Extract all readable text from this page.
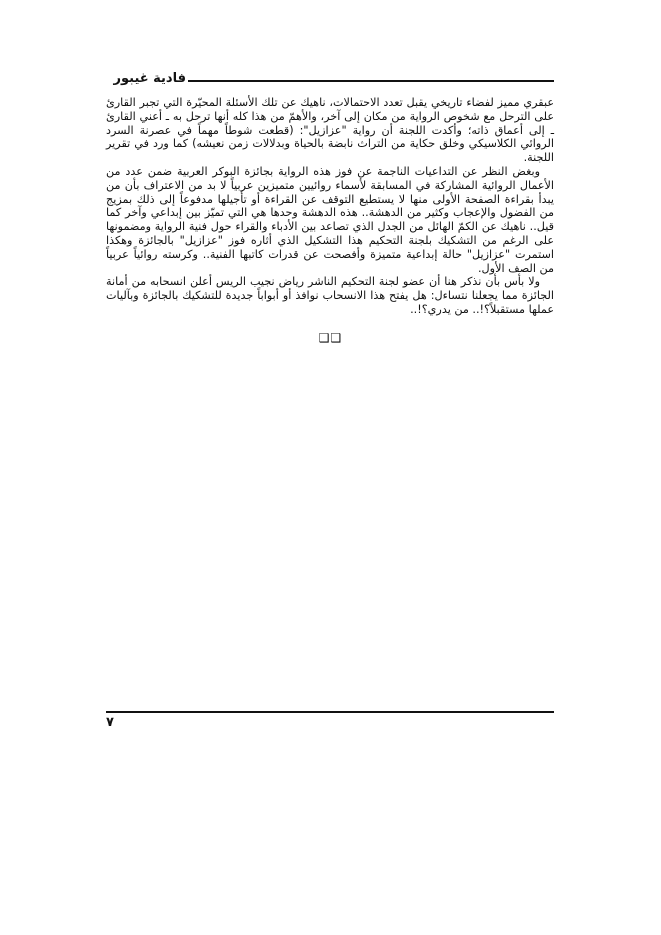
فادية غيبور

عبقري مميز لفضاء تاريخي يقبل تعدد الاحتمالات، ناهيك عن تلك الأسئلة المحيّرة التي تجبر القارئ على الترحل مع شخوص الرواية من مكان إلى آخر، والأهمّ من هذا كله أنها ترحل به ـ أعني القارئ ـ إلى أعماق ذاته؛ وأكدت اللجنة أن رواية "عزازيل": (قطعت شوطاً مهماً في عصرنة السرد الروائي الكلاسيكي وخلق حكاية من التراث نابضة بالحياة وبدلالات زمن نعيشه) كما ورد في تقرير اللجنة.

وبغض النظر عن التداعيات الناجمة عن فوز هذه الرواية بجائزة البوكر العربية ضمن عدد من الأعمال الروائية المشاركة في المسابقة لأسماء روائيين متميزين عربياً لا بد من الاعتراف بأن من يبدأ بقراءة الصفحة الأولى منها لا يستطيع التوقف عن القراءة أو تأجيلها مدفوعاً إلى ذلك بمزيج من الفضول والإعجاب وكثير من الدهشة.. هذه الدهشة وحدها هي التي تميّز بين إبداعي وآخر كما قيل.. ناهيك عن الكمّ الهائل من الجدل الذي تصاعد بين الأدباء والقراء حول فنية الرواية ومضمونها على الرغم من التشكيك بلجنة التحكيم هذا التشكيل الذي أثاره فوز "عزازيل" بالجائزة وهكذا استمرت "عزازيل" حالة إبداعية متميزة وأفصحت عن قدرات كاتبها الفنية.. وكرسته روائياً عربياً من الصف الأول.

ولا بأس بأن نذكر هنا أن عضو لجنة التحكيم الناشر رياض نجيب الريس أعلن انسحابه من أمانة الجائزة مما يجعلنا نتساءل: هل يفتح هذا الانسحاب نوافذ أو أبواباً جديدة للتشكيك بالجائزة وبآليات عملها مستقبلاً؟!.. من يدري؟!..

❑❑
٧
